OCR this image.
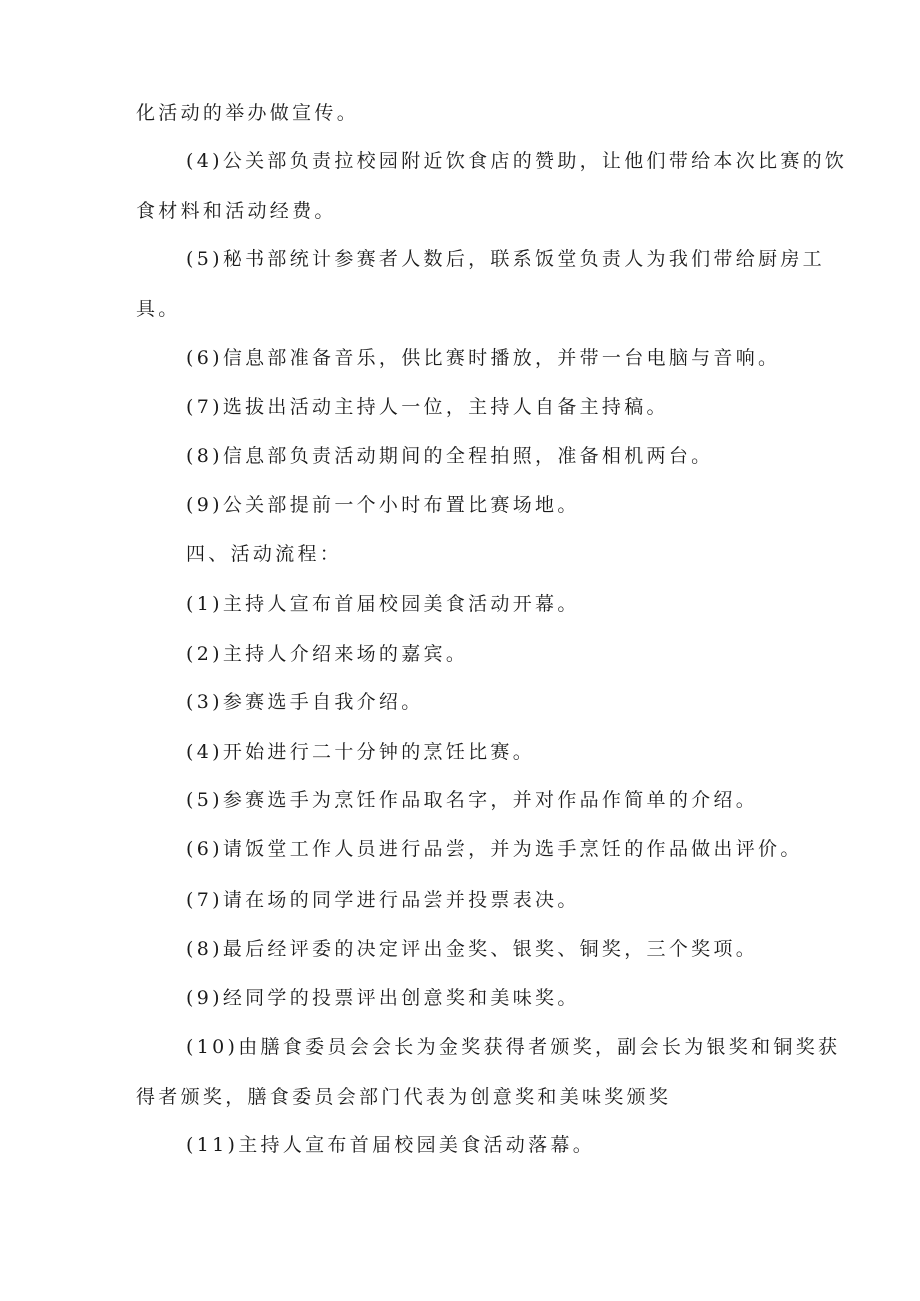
化活动的举办做宣传。
(4)公关部负责拉校园附近饮食店的赞助，让他们带给本次比赛的饮
食材料和活动经费。
(5)秘书部统计参赛者人数后，联系饭堂负责人为我们带给厨房工
具。
(6)信息部准备音乐，供比赛时播放，并带一台电脑与音响。
(7)选拔出活动主持人一位，主持人自备主持稿。
(8)信息部负责活动期间的全程拍照，准备相机两台。
(9)公关部提前一个小时布置比赛场地。
四、活动流程：
(1)主持人宣布首届校园美食活动开幕。
(2)主持人介绍来场的嘉宾。
(3)参赛选手自我介绍。
(4)开始进行二十分钟的烹饪比赛。
(5)参赛选手为烹饪作品取名字，并对作品作简单的介绍。
(6)请饭堂工作人员进行品尝，并为选手烹饪的作品做出评价。
(7)请在场的同学进行品尝并投票表决。
(8)最后经评委的决定评出金奖、银奖、铜奖，三个奖项。
(9)经同学的投票评出创意奖和美味奖。
(10)由膳食委员会会长为金奖获得者颁奖，副会长为银奖和铜奖获
得者颁奖，膳食委员会部门代表为创意奖和美味奖颁奖
(11)主持人宣布首届校园美食活动落幕。
